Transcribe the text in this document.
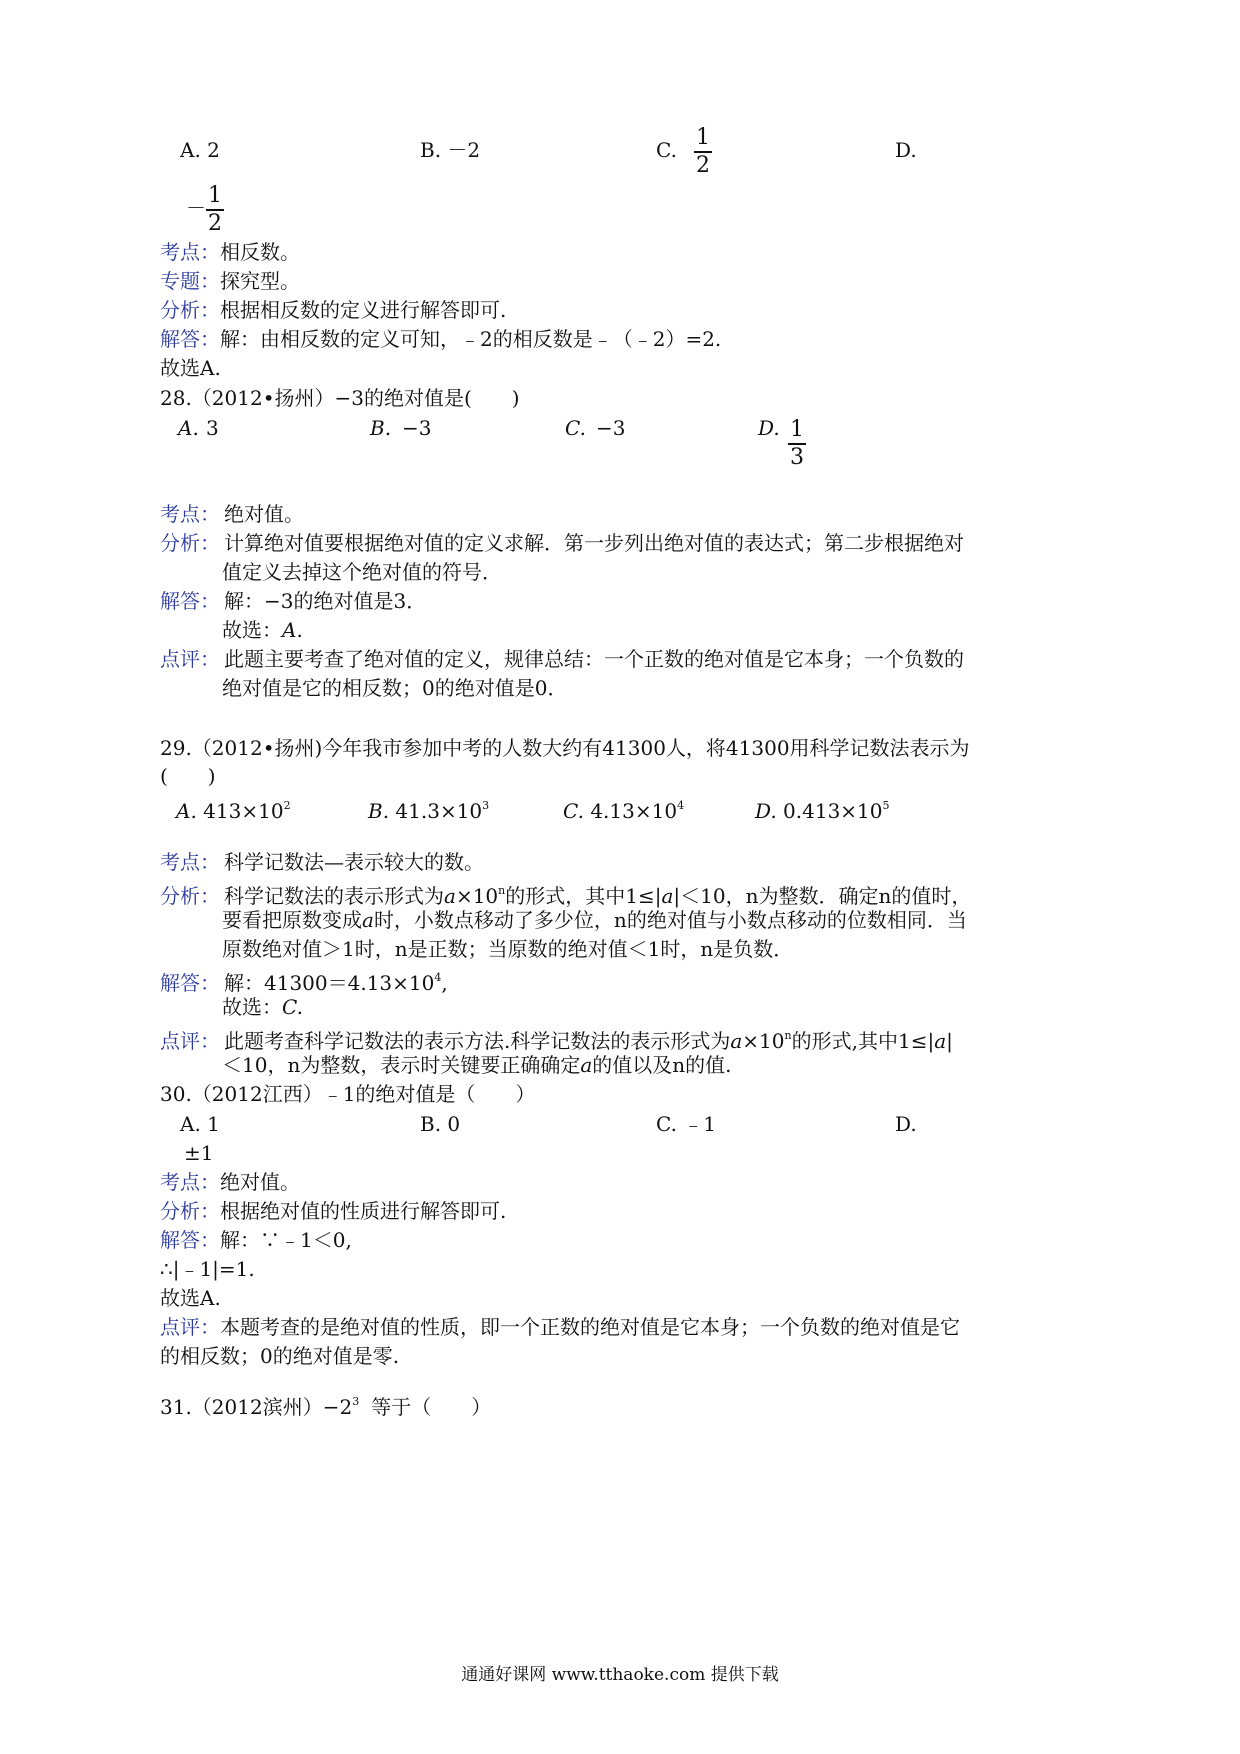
A. 2	B. －2	C. 1
2
D.
－ 1
2
考点：相反数。
专题：探究型。
分析：根据相反数的定义进行解答即可.
解答：解：由相反数的定义可知，﹣2的相反数是﹣（﹣2）=2.
故选A.
28.（2012•扬州）−3的绝对值是(　　)
A. 3	B. −3	C. −3	D. 1
3
考点： 绝对值。
分析： 计算绝对值要根据绝对值的定义求解．第一步列出绝对值的表达式；第二步根据绝对
值定义去掉这个绝对值的符号．
解答： 解：−3的绝对值是3．
故选：A.
点评： 此题主要考查了绝对值的定义，规律总结：一个正数的绝对值是它本身；一个负数的
绝对值是它的相反数；0的绝对值是0．
29.（2012•扬州)今年我市参加中考的人数大约有41300人，将41300用科学记数法表示为
(　　)
A. $413\times 10^2$	B. $41.3\times 10^3$	C. $4.13\times 10^4$	D. $0.413\times 10^5$
考点： 科学记数法—表示较大的数。
分析： 科学记数法的表示形式为$a\times 10^n$的形式，其中1≤|a|＜10，n为整数．确定n的值时，
要看把原数变成a时，小数点移动了多少位，n的绝对值与小数点移动的位数相同．当
原数绝对值＞1时，n是正数；当原数的绝对值＜1时，n是负数．
解答： 解：$41300=4.13\times 10^4$,
故选：C.
点评： 此题考查科学记数法的表示方法.科学记数法的表示形式为$a\times 10^n$的形式,其中1≤|a|
＜10，n为整数，表示时关键要正确确定a的值以及n的值.
30.（2012江西）﹣1的绝对值是（　　）
A. 1	B. 0	C. ﹣1	D.
±1
考点：绝对值。
分析：根据绝对值的性质进行解答即可.
解答：解：∵﹣1＜0,
∴|﹣1|=1.
故选A.
点评：本题考查的是绝对值的性质，即一个正数的绝对值是它本身；一个负数的绝对值是它
的相反数；0的绝对值是零.
31.（2012滨州）$-2^3$ 等于（　　）
通通好课网 www.tthaoke.com 提供下载
